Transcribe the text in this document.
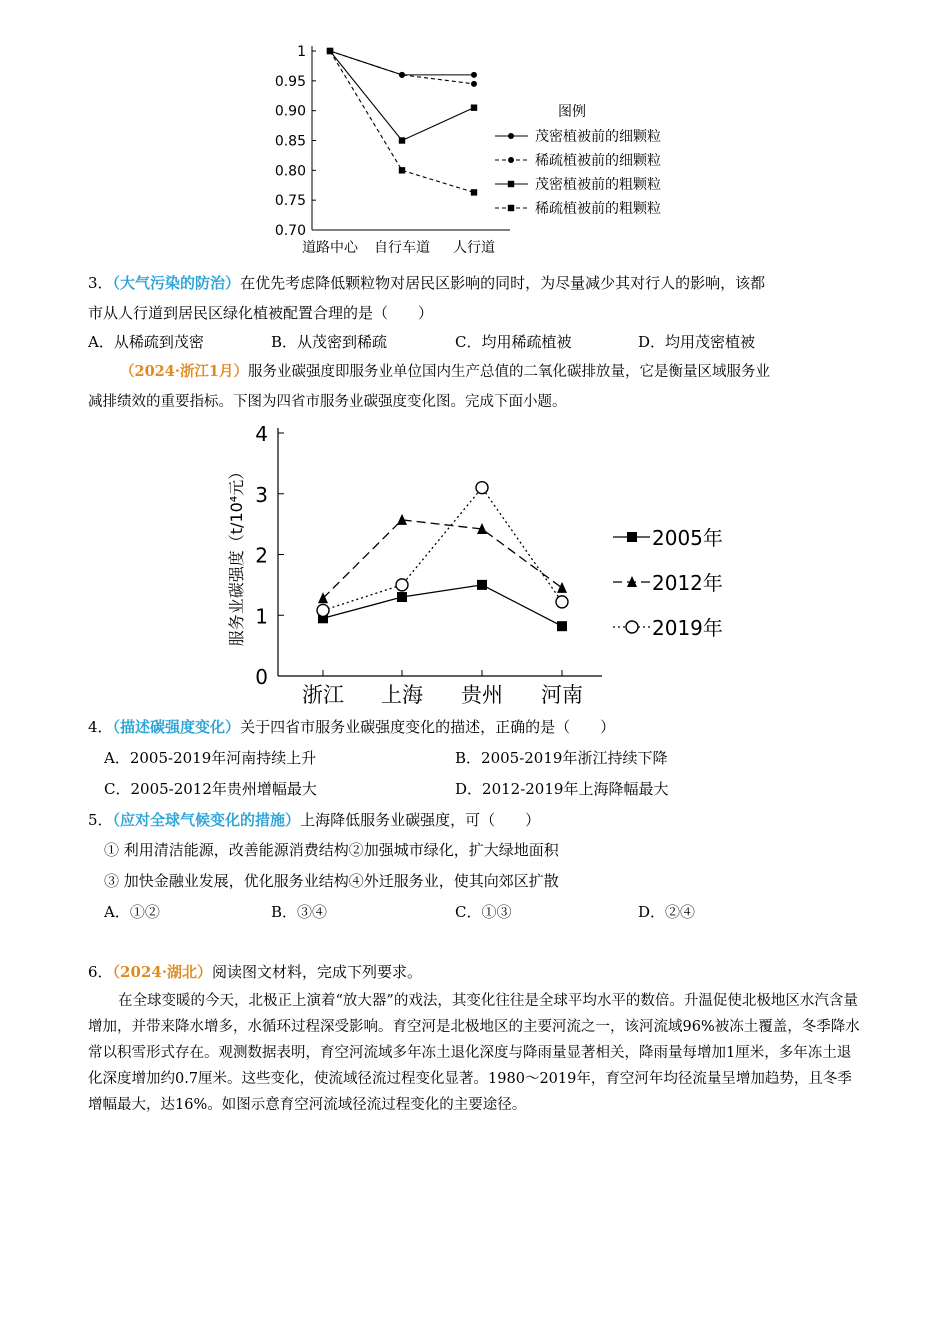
1
0.95
0.90
0.85
0.80
0.75
0.70
道路中心 自行车道 人行道
茂密植被前的细颗粒
稀疏植被前的细颗粒
茂密植被前的粗颗粒
稀疏植被前的粗颗粒
图例
3．（大气污染的防治）在优先考虑降低颗粒物对居民区影响的同时，为尽量减少其对行人的影响，该都
市从人行道到居民区绿化植被配置合理的是（　　）
A．从稀疏到茂密	B．从茂密到稀疏	C．均用稀疏植被	D．均用茂密植被
（2024·浙江1月）服务业碳强度即服务业单位国内生产总值的二氧化碳排放量，它是衡量区域服务业
减排绩效的重要指标。下图为四省市服务业碳强度变化图。完成下面小题。
0
1
2
3
4
浙江 上海 贵州 河南
服务业碳强度（t/10⁴元）	2005年
2012年
2019年
4．（描述碳强度变化）关于四省市服务业碳强度变化的描述，正确的是（　　）
A．2005-2019年河南持续上升	B．2005-2019年浙江持续下降
C．2005-2012年贵州增幅最大	D．2012-2019年上海降幅最大
5．（应对全球气候变化的措施）上海降低服务业碳强度，可（　　）
① 利用清洁能源，改善能源消费结构②加强城市绿化，扩大绿地面积
③ 加快金融业发展，优化服务业结构④外迁服务业，使其向郊区扩散
A．①②	B．③④	C．①③	D．②④
6．（2024·湖北）阅读图文材料，完成下列要求。
在全球变暖的今天，北极正上演着“放大器”的戏法，其变化往往是全球平均水平的数倍。升温促使北极地区水汽含量增加，并带来降水增多，水循环过程深受影响。育空河是北极地区的主要河流之一，该河流域96%被冻土覆盖，冬季降水常以积雪形式存在。观测数据表明，育空河流域多年冻土退化深度与降雨量显著相关，降雨量每增加1厘米，多年冻土退化深度增加约0.7厘米。这些变化，使流域径流过程变化显著。1980～2019年，育空河年均径流量呈增加趋势，且冬季增幅最大，达16%。如图示意育空河流域径流过程变化的主要途径。
